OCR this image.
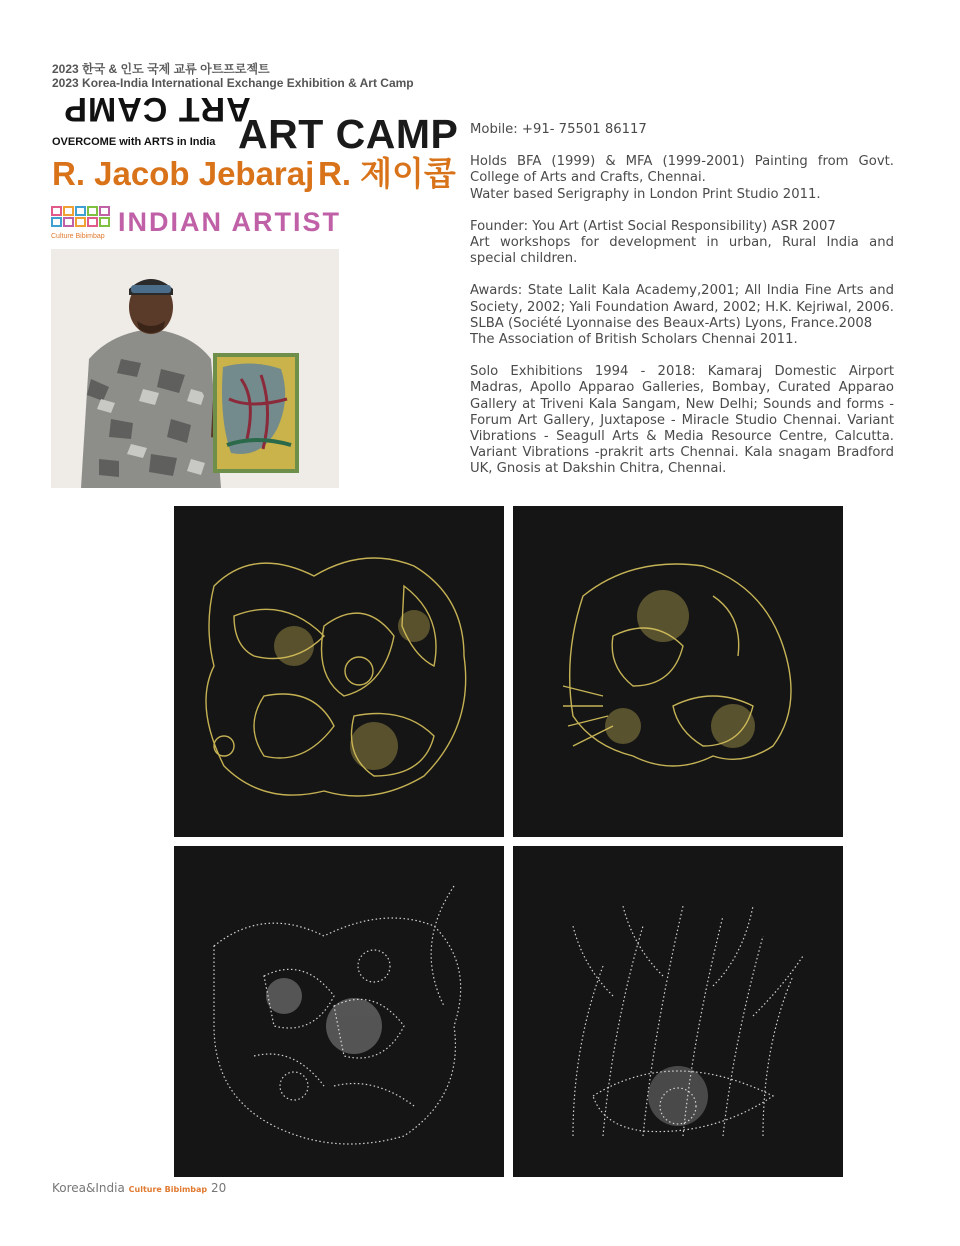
2023 한국 & 인도 국제 교류 아트프로젝트
2023 Korea-India International Exchange Exhibition & Art Camp
ART CAMP
OVERCOME with ARTS in India ART CAMP
R. Jacob Jebaraj R. 제이콥
Culture Bibimbap INDIAN ARTIST

Mobile: +91- 75501 86117

Holds BFA (1999) & MFA (1999-2001) Painting from Govt. College of Arts and Crafts, Chennai.

Water based Serigraphy in London Print Studio 2011.

Founder: You Art (Artist Social Responsibility) ASR 2007

Art workshops for development in urban, Rural India and special children.

Awards: State Lalit Kala Academy,2001; All India Fine Arts and Society, 2002; Yali Foundation Award, 2002; H.K. Kejriwal, 2006. SLBA (Société Lyonnaise des Beaux-Arts) Lyons, France.2008

The Association of British Scholars Chennai 2011.

Solo Exhibitions 1994 - 2018: Kamaraj Domestic Airport Madras, Apollo Apparao Galleries, Bombay, Curated Apparao Gallery at Triveni Kala Sangam, New Delhi; Sounds and forms - Forum Art Gallery, Juxtapose - Miracle Studio Chennai. Variant Vibrations - Seagull Arts & Media Resource Centre, Calcutta. Variant Vibrations -prakrit arts Chennai. Kala snagam Bradford UK, Gnosis at Dakshin Chitra, Chennai.

Korea&India Culture Bibimbap 20
